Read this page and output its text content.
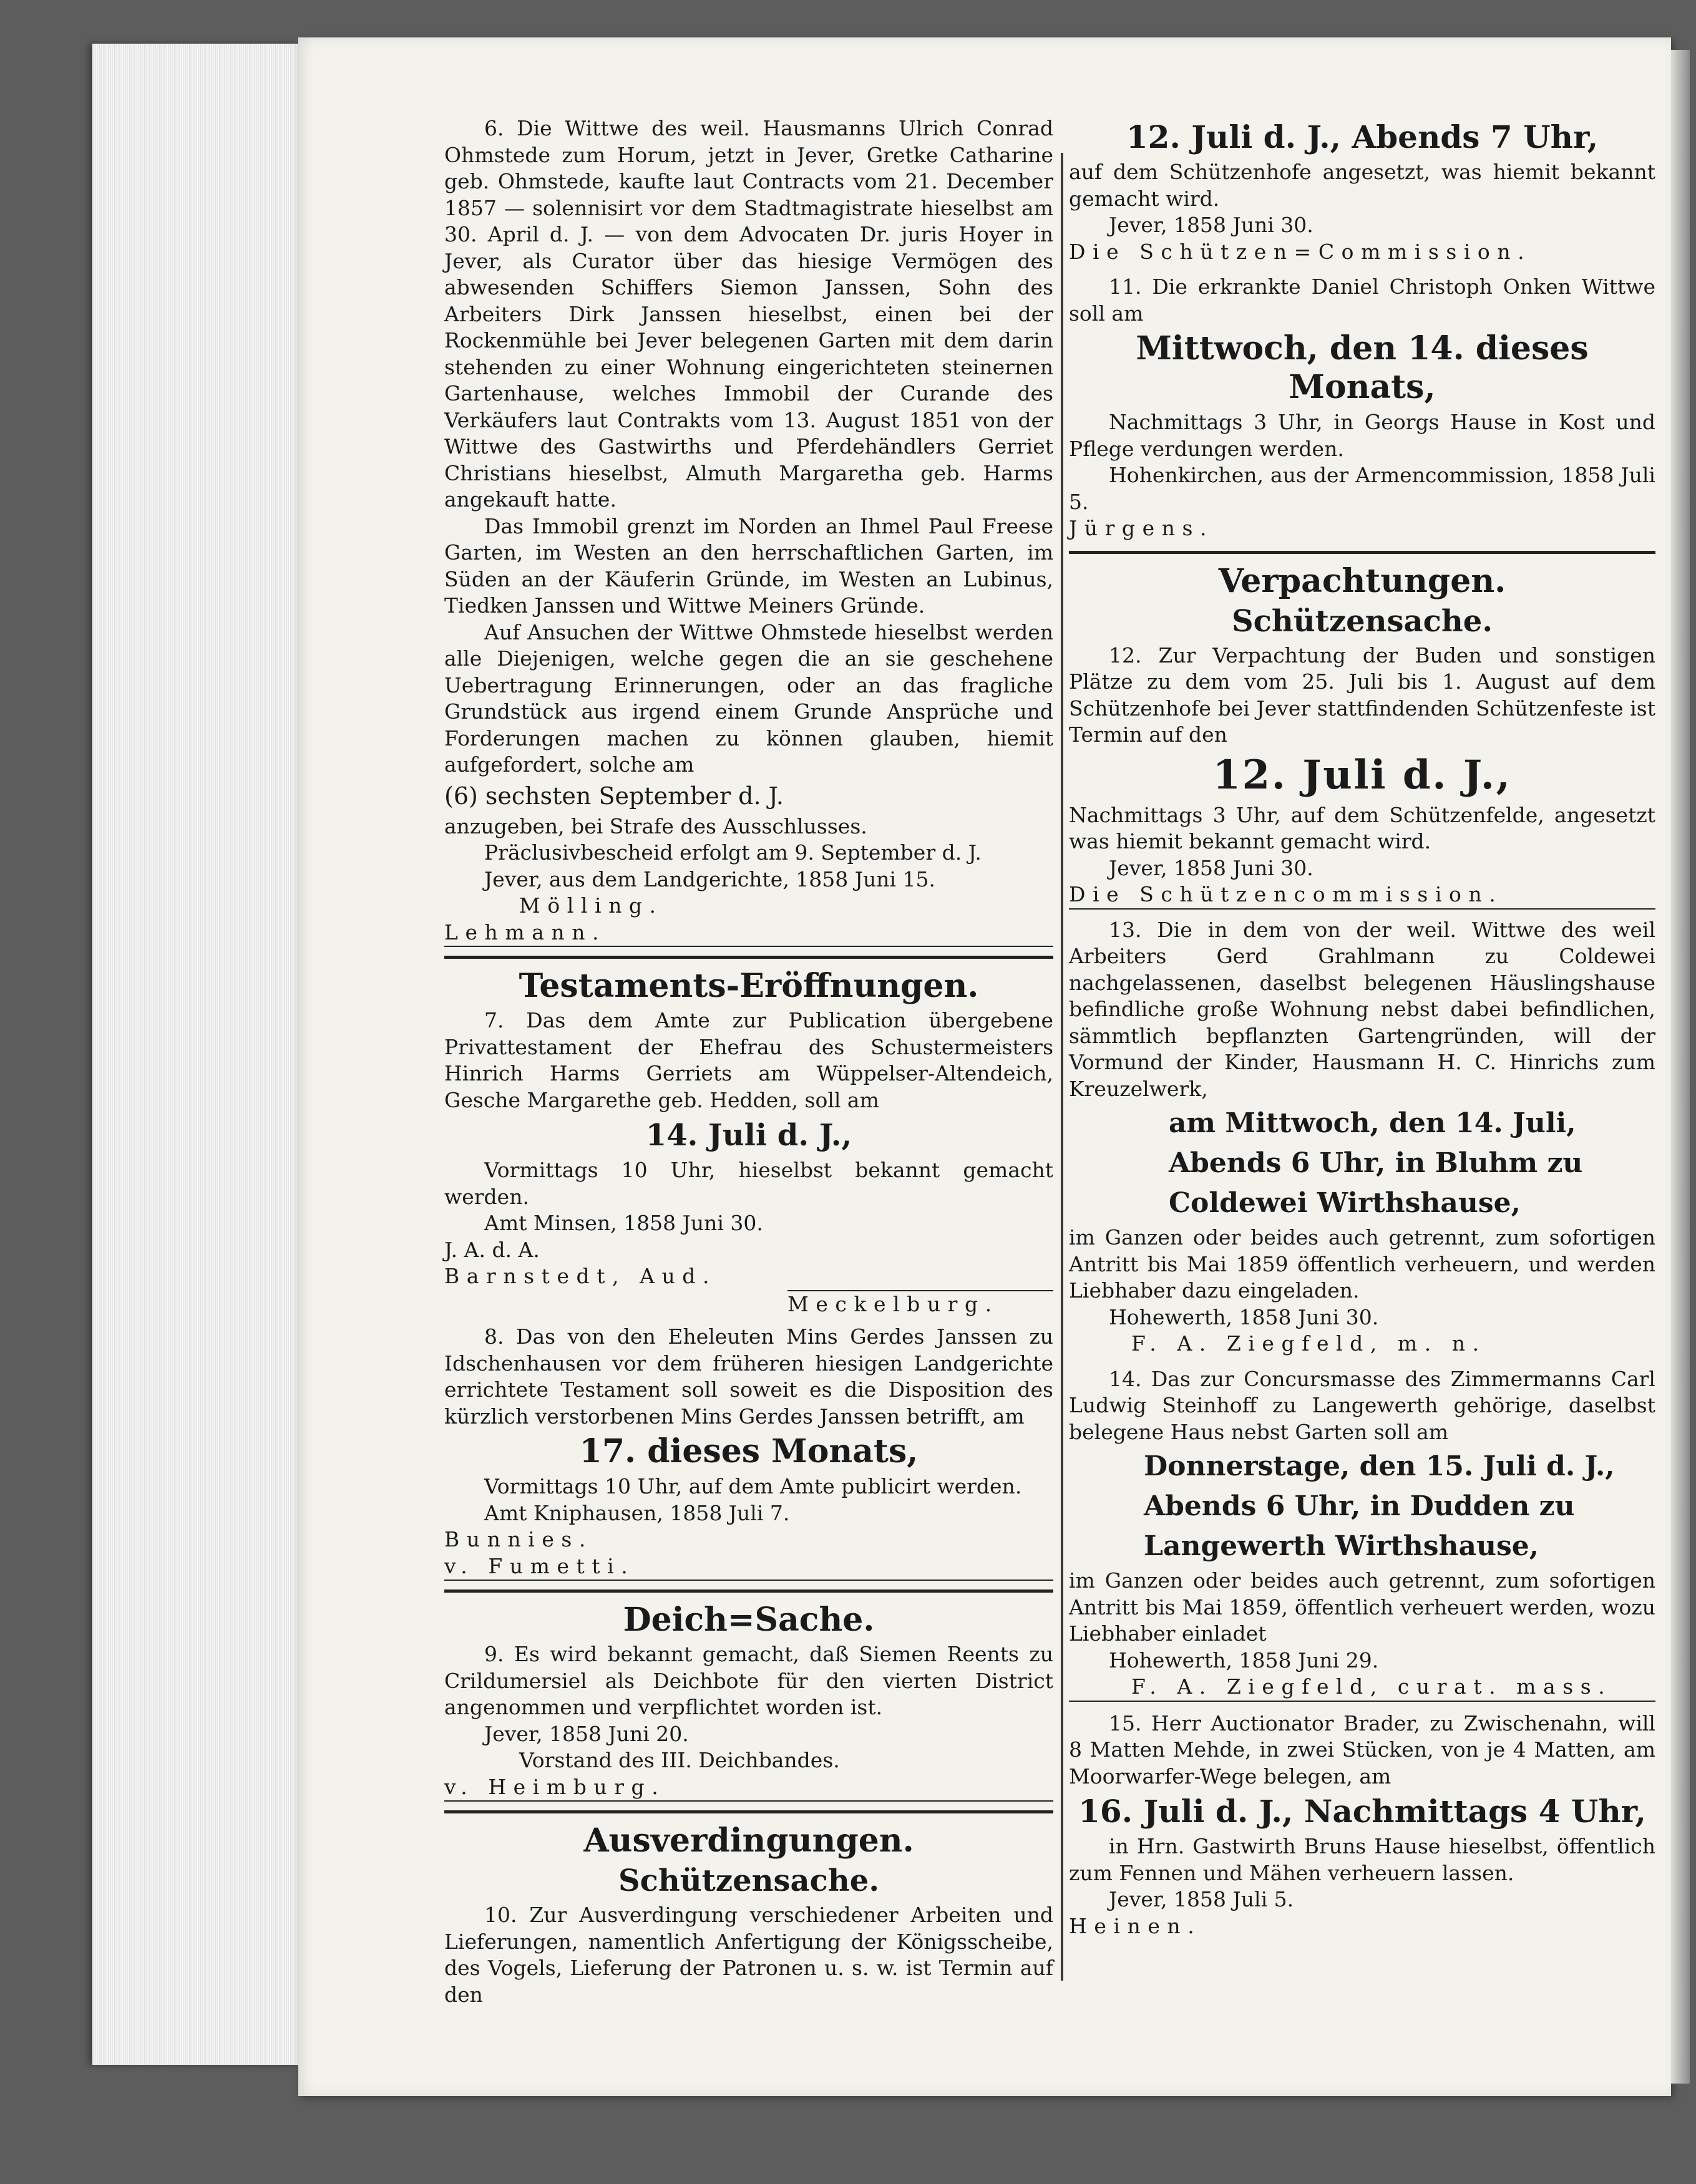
6. Die Wittwe des weil. Hausmanns Ulrich Conrad Ohmstede zum Horum, jetzt in Jever, Gretke Catharine geb. Ohmstede, kaufte laut Contracts vom 21. December 1857 — solennisirt vor dem Stadtmagistrate hieselbst am 30. April d. J. — von dem Advocaten Dr. juris Hoyer in Jever, als Curator über das hiesige Vermögen des abwesenden Schiffers Siemon Janssen, Sohn des Arbeiters Dirk Janssen hieselbst, einen bei der Rockenmühle bei Jever belegenen Garten mit dem darin stehenden zu einer Wohnung eingerichteten steinernen Gartenhause, welches Immobil der Curande des Verkäufers laut Contrakts vom 13. August 1851 von der Wittwe des Gastwirths und Pferdehändlers Gerriet Christians hieselbst, Almuth Margaretha geb. Harms angekauft hatte.

Das Immobil grenzt im Norden an Ihmel Paul Freese Garten, im Westen an den herrschaftlichen Garten, im Süden an der Käuferin Gründe, im Westen an Lubinus, Tiedken Janssen und Wittwe Meiners Gründe.

Auf Ansuchen der Wittwe Ohmstede hieselbst werden alle Diejenigen, welche gegen die an sie geschehene Uebertragung Erinnerungen, oder an das fragliche Grundstück aus irgend einem Grunde Ansprüche und Forderungen machen zu können glauben, hiemit aufgefordert, solche am

(6) sechsten September d. J.

anzugeben, bei Strafe des Ausschlusses.

Präclusivbescheid erfolgt am 9. September d. J.

Jever, aus dem Landgerichte, 1858 Juni 15.

Mölling.

Lehmann.

Testaments-Eröffnungen.

7. Das dem Amte zur Publication übergebene Privattestament der Ehefrau des Schustermeisters Hinrich Harms Gerriets am Wüppelser-Altendeich, Gesche Margarethe geb. Hedden, soll am

14. Juli d. J.,

Vormittags 10 Uhr, hieselbst bekannt gemacht werden.

Amt Minsen, 1858 Juni 30.

J. A. d. A.

Barnstedt, Aud.

Meckelburg.

8. Das von den Eheleuten Mins Gerdes Janssen zu Idschenhausen vor dem früheren hiesigen Landgerichte errichtete Testament soll soweit es die Disposition des kürzlich verstorbenen Mins Gerdes Janssen betrifft, am

17. dieses Monats,

Vormittags 10 Uhr, auf dem Amte publicirt werden.

Amt Kniphausen, 1858 Juli 7.

Bunnies.

v. Fumetti.

Deich=Sache.

9. Es wird bekannt gemacht, daß Siemen Reents zu Crildumersiel als Deichbote für den vierten District angenommen und verpflichtet worden ist.

Jever, 1858 Juni 20.

Vorstand des III. Deichbandes.

v. Heimburg.

Ausverdingungen.
Schützensache.

10. Zur Ausverdingung verschiedener Arbeiten und Lieferungen, namentlich Anfertigung der Königsscheibe, des Vogels, Lieferung der Patronen u. s. w. ist Termin auf den

12. Juli d. J., Abends 7 Uhr,

auf dem Schützenhofe angesetzt, was hiemit bekannt gemacht wird.

Jever, 1858 Juni 30.

Die Schützen=Commission.

11. Die erkrankte Daniel Christoph Onken Wittwe soll am

Mittwoch, den 14. dieses Monats,

Nachmittags 3 Uhr, in Georgs Hause in Kost und Pflege verdungen werden.

Hohenkirchen, aus der Armencommission, 1858 Juli 5.

Jürgens.

Verpachtungen.
Schützensache.

12. Zur Verpachtung der Buden und sonstigen Plätze zu dem vom 25. Juli bis 1. August auf dem Schützenhofe bei Jever stattfindenden Schützenfeste ist Termin auf den

12. Juli d. J.,

Nachmittags 3 Uhr, auf dem Schützenfelde, angesetzt was hiemit bekannt gemacht wird.

Jever, 1858 Juni 30.

Die Schützencommission.

13. Die in dem von der weil. Wittwe des weil Arbeiters Gerd Grahlmann zu Coldewei nachgelassenen, daselbst belegenen Häuslingshause befindliche große Wohnung nebst dabei befindlichen, sämmtlich bepflanzten Gartengründen, will der Vormund der Kinder, Hausmann H. C. Hinrichs zum Kreuzelwerk,

am Mittwoch, den 14. Juli,
Abends 6 Uhr, in Bluhm zu
Coldewei Wirthshause,

im Ganzen oder beides auch getrennt, zum sofortigen Antritt bis Mai 1859 öffentlich verheuern, und werden Liebhaber dazu eingeladen.

Hohewerth, 1858 Juni 30.

F. A. Ziegfeld, m. n.

14. Das zur Concursmasse des Zimmermanns Carl Ludwig Steinhoff zu Langewerth gehörige, daselbst belegene Haus nebst Garten soll am

Donnerstage, den 15. Juli d. J.,
Abends 6 Uhr, in Dudden zu
Langewerth Wirthshause,

im Ganzen oder beides auch getrennt, zum sofortigen Antritt bis Mai 1859, öffentlich verheuert werden, wozu Liebhaber einladet

Hohewerth, 1858 Juni 29.

F. A. Ziegfeld, curat. mass.

15. Herr Auctionator Brader, zu Zwischenahn, will 8 Matten Mehde, in zwei Stücken, von je 4 Matten, am Moorwarfer-Wege belegen, am

16. Juli d. J., Nachmittags 4 Uhr,

in Hrn. Gastwirth Bruns Hause hieselbst, öffentlich zum Fennen und Mähen verheuern lassen.

Jever, 1858 Juli 5.

Heinen.
